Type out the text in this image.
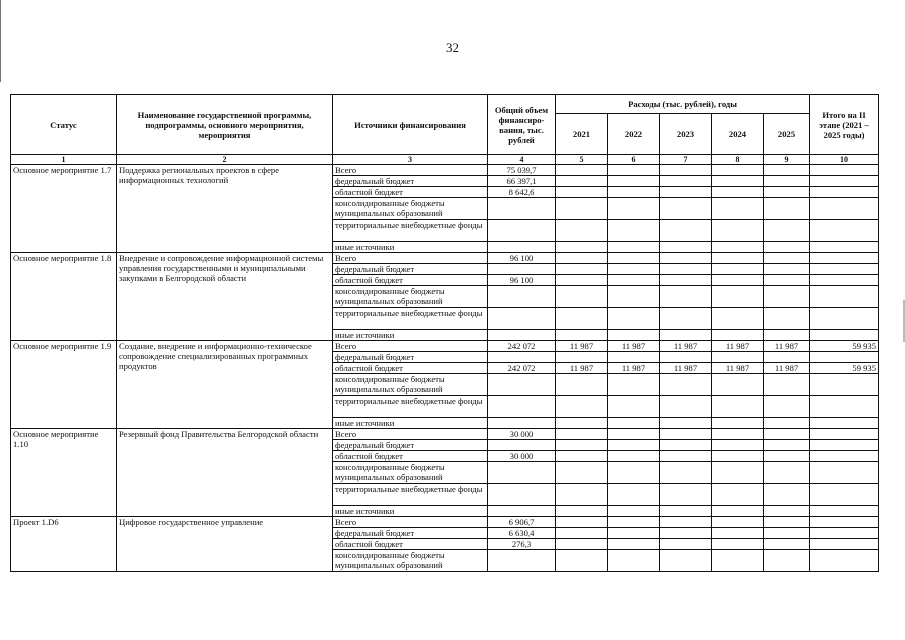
32
Статус	Наименование государственной программы, подпрограммы, основного мероприятия, мероприятия	Источники финансирования	Общий объем финансиро-вания, тыс. рублей	Расходы (тыс. рублей), годы					Итого на II этапе (2021 – 2025 годы)
				2021	2022	2023	2024	2025	
1	2	3	4	5	6	7	8	9	10
Основное мероприятие 1.7	Поддержка региональных проектов в сфере информационных технологий	Всего	75 039,7						
		федеральный бюджет	66 397,1						
		областной бюджет	8 642,6						
		консолидированные бюджеты муниципальных образований							
		территориальные внебюджетные фонды							
		иные источники							
Основное мероприятие 1.8	Внедрение и сопровождение информационной системы управления государственными и муниципальными закупками в Белгородской области	Всего	96 100						
		федеральный бюджет							
		областной бюджет	96 100						
		консолидированные бюджеты муниципальных образований							
		территориальные внебюджетные фонды							
		иные источники							
Основное мероприятие 1.9	Создание, внедрение и информационно-техническое сопровождение специализированных программных продуктов	Всего	242 072	11 987	11 987	11 987	11 987	11 987	59 935
		федеральный бюджет							
		областной бюджет	242 072	11 987	11 987	11 987	11 987	11 987	59 935
		консолидированные бюджеты муниципальных образований							
		территориальные внебюджетные фонды							
		иные источники							
Основное мероприятие 1.10	Резервный фонд Правительства Белгородской области	Всего	30 000						
		федеральный бюджет							
		областной бюджет	30 000						
		консолидированные бюджеты муниципальных образований							
		территориальные внебюджетные фонды							
		иные источники							
Проект 1.D6	Цифровое государственное управление	Всего	6 906,7						
		федеральный бюджет	6 630,4						
		областной бюджет	276,3						
		консолидированные бюджеты муниципальных образований							
